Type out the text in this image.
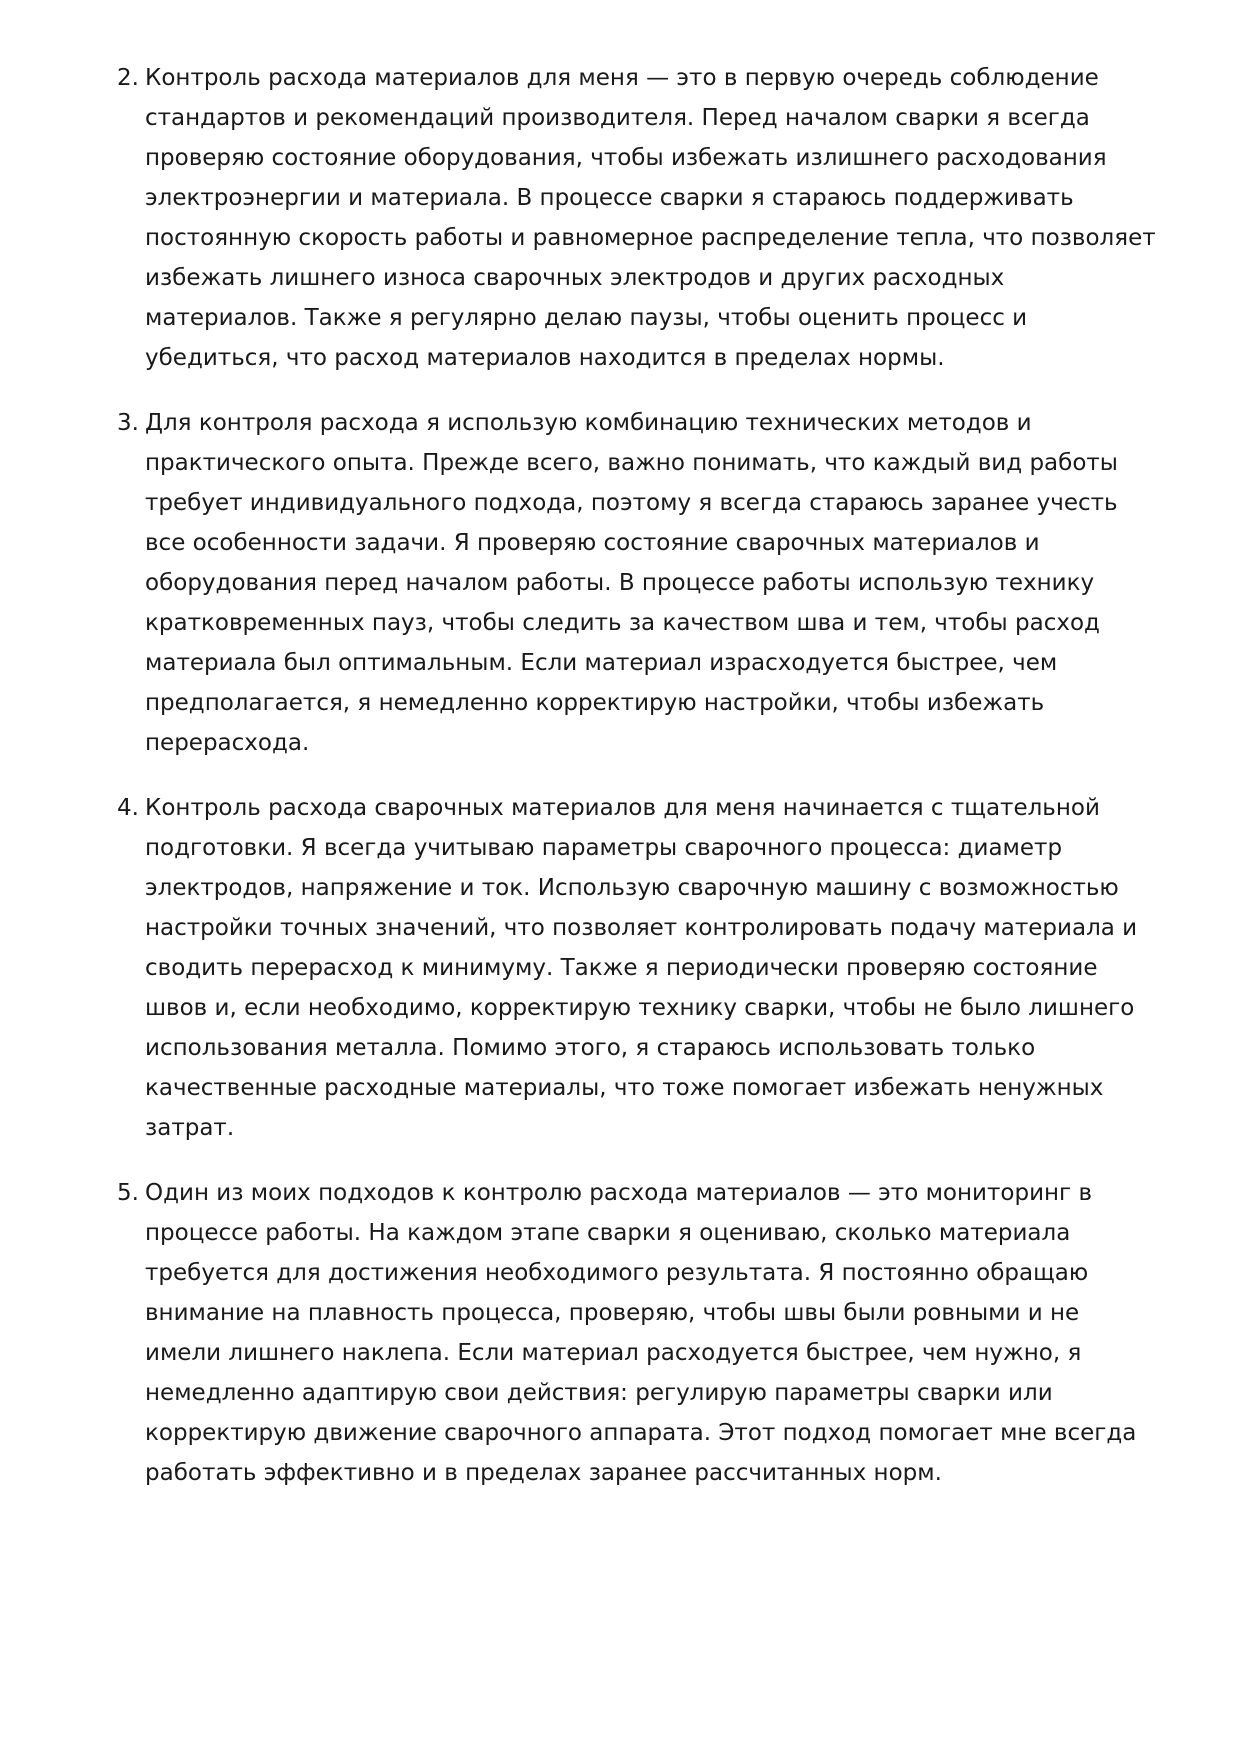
2. Контроль расхода материалов для меня — это в первую очередь соблюдение стандартов и рекомендаций производителя. Перед началом сварки я всегда проверяю состояние оборудования, чтобы избежать излишнего расходования электроэнергии и материала. В процессе сварки я стараюсь поддерживать постоянную скорость работы и равномерное распределение тепла, что позволяет избежать лишнего износа сварочных электродов и других расходных материалов. Также я регулярно делаю паузы, чтобы оценить процесс и убедиться, что расход материалов находится в пределах нормы.
3. Для контроля расхода я использую комбинацию технических методов и практического опыта. Прежде всего, важно понимать, что каждый вид работы требует индивидуального подхода, поэтому я всегда стараюсь заранее учесть все особенности задачи. Я проверяю состояние сварочных материалов и оборудования перед началом работы. В процессе работы использую технику кратковременных пауз, чтобы следить за качеством шва и тем, чтобы расход материала был оптимальным. Если материал израсходуется быстрее, чем предполагается, я немедленно корректирую настройки, чтобы избежать перерасхода.
4. Контроль расхода сварочных материалов для меня начинается с тщательной подготовки. Я всегда учитываю параметры сварочного процесса: диаметр электродов, напряжение и ток. Использую сварочную машину с возможностью настройки точных значений, что позволяет контролировать подачу материала и сводить перерасход к минимуму. Также я периодически проверяю состояние швов и, если необходимо, корректирую технику сварки, чтобы не было лишнего использования металла. Помимо этого, я стараюсь использовать только качественные расходные материалы, что тоже помогает избежать ненужных затрат.
5. Один из моих подходов к контролю расхода материалов — это мониторинг в процессе работы. На каждом этапе сварки я оцениваю, сколько материала требуется для достижения необходимого результата. Я постоянно обращаю внимание на плавность процесса, проверяю, чтобы швы были ровными и не имели лишнего наклепа. Если материал расходуется быстрее, чем нужно, я немедленно адаптирую свои действия: регулирую параметры сварки или корректирую движение сварочного аппарата. Этот подход помогает мне всегда работать эффективно и в пределах заранее рассчитанных норм.
